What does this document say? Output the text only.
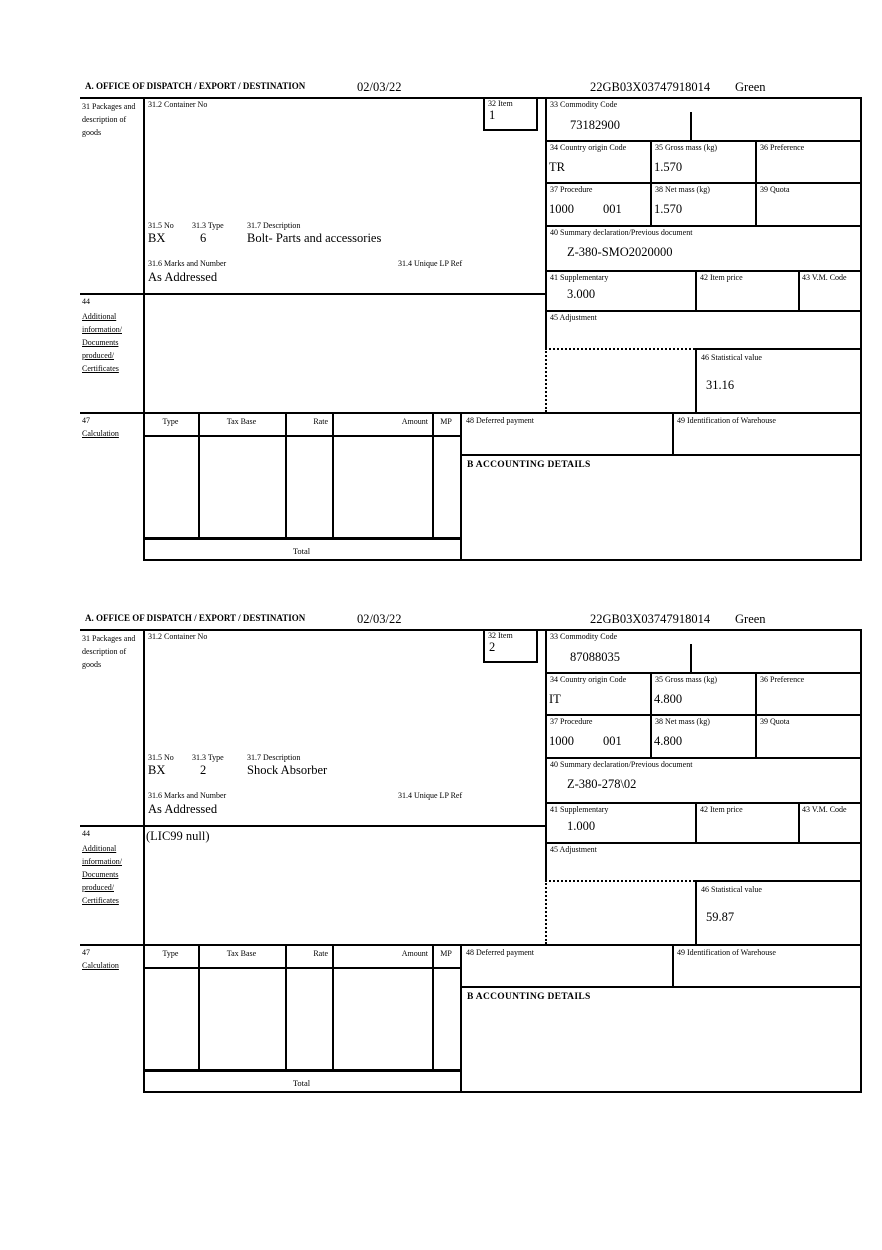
A. OFFICE OF DISPATCH / EXPORT / DESTINATION	02/03/22	22GB03X03747918014 Green
31 Packages and description of goods
44
Additional information/ Documents produced/ Certificates
47
Calculation
31.2 Container No	32 Item
1
33 Commodity Code
73182900
34 Country origin Code
TR
35 Gross mass (kg)
1.570
36 Preference
37 Procedure
1000 001
38 Net mass (kg)
1.570
39 Quota
40 Summary declaration/Previous document
Z-380-SMO2020000
41 Supplementary
3.000
42 Item price	43 V.M. Code
45 Adjustment
46 Statistical value
31.16
31.5 No 31.3 Type	31.7 Description
BX	6	Bolt- Parts and accessories
31.6 Marks and Number	31.4 Unique LP Ref
As Addressed
Type	Tax Base	Rate	Amount	MP
Total
48 Deferred payment	49 Identification of Warehouse
B ACCOUNTING DETAILS
A. OFFICE OF DISPATCH / EXPORT / DESTINATION	02/03/22	22GB03X03747918014 Green
31 Packages and description of goods
44
Additional information/ Documents produced/ Certificates
47
Calculation
31.2 Container No	32 Item
2
33 Commodity Code
87088035
34 Country origin Code
IT
35 Gross mass (kg)
4.800
36 Preference
37 Procedure
1000 001
38 Net mass (kg)
4.800
39 Quota
40 Summary declaration/Previous document
Z-380-278\02
41 Supplementary
1.000
42 Item price	43 V.M. Code
45 Adjustment
46 Statistical value
59.87
31.5 No 31.3 Type	31.7 Description
BX	2	Shock Absorber
31.6 Marks and Number	31.4 Unique LP Ref
As Addressed
(LIC99 null)
Type	Tax Base	Rate	Amount	MP
Total
48 Deferred payment	49 Identification of Warehouse
B ACCOUNTING DETAILS
